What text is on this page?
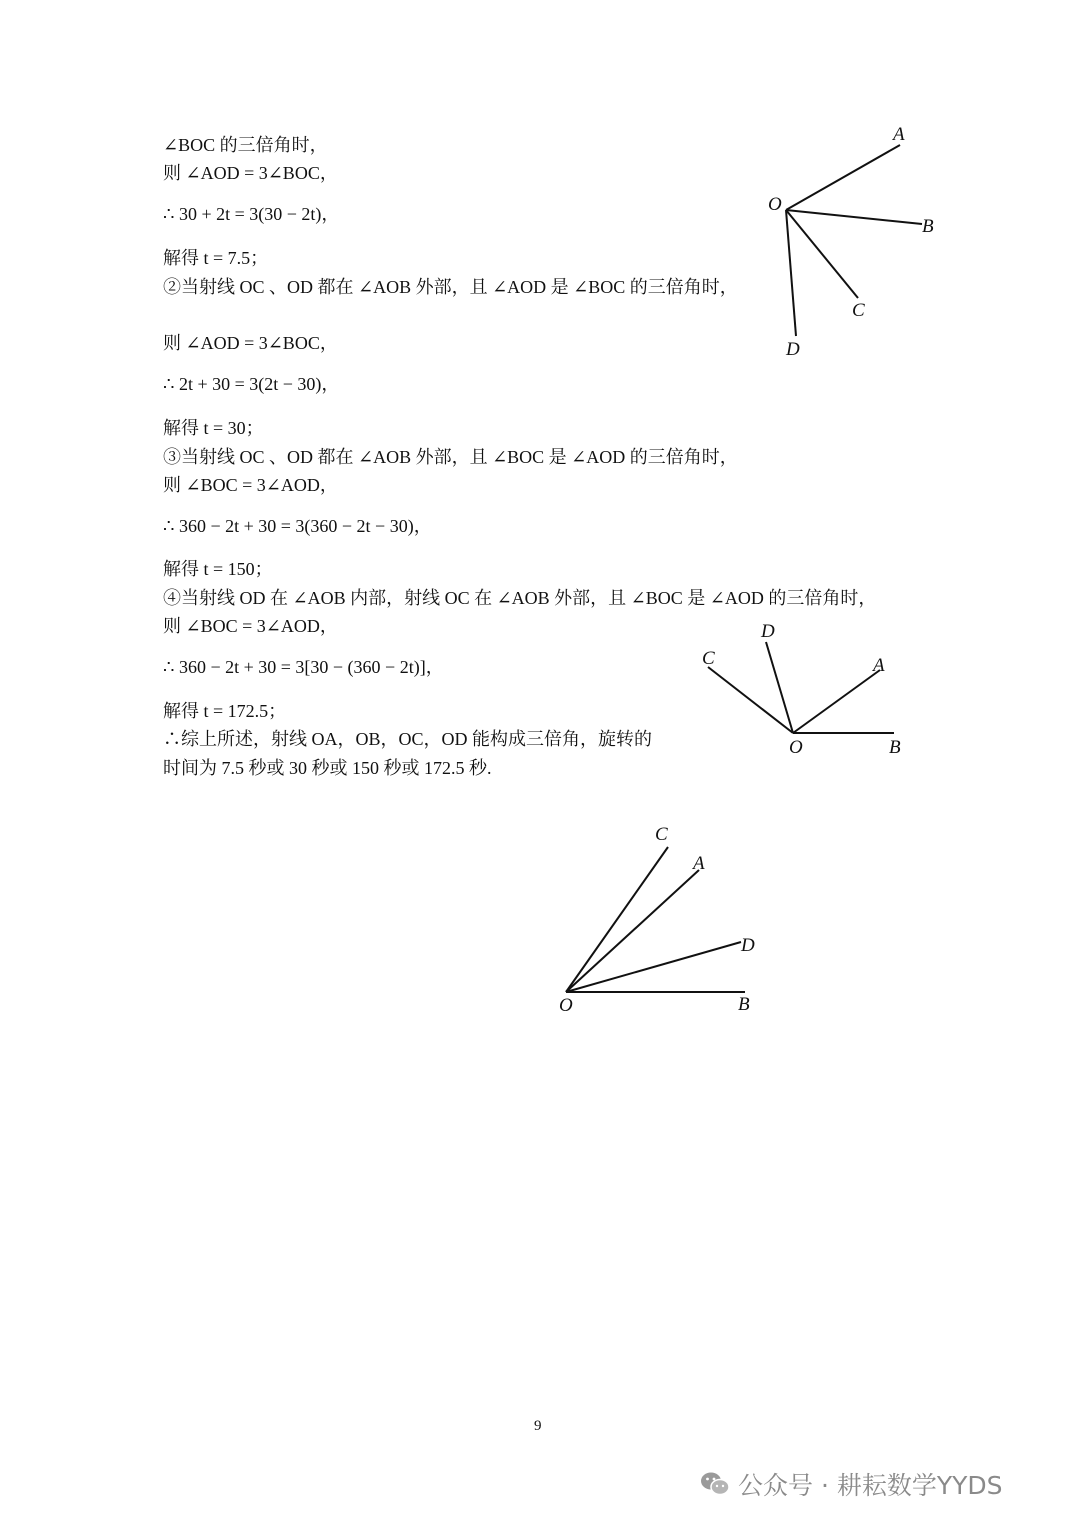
∠BOC 的三倍角时，
则 ∠AOD = 3∠BOC，
∴ 30 + 2t = 3(30 − 2t)，
解得 t = 7.5；
②当射线 OC 、OD 都在 ∠AOB 外部，且 ∠AOD 是 ∠BOC 的三倍角时，
则 ∠AOD = 3∠BOC，
∴ 2t + 30 = 3(2t − 30)，
解得 t = 30；
③当射线 OC 、OD 都在 ∠AOB 外部，且 ∠BOC 是 ∠AOD 的三倍角时，
则 ∠BOC = 3∠AOD，
∴ 360 − 2t + 30 = 3(360 − 2t − 30)，
解得 t = 150；
④当射线 OD 在 ∠AOB 内部，射线 OC 在 ∠AOB 外部，且 ∠BOC 是 ∠AOD 的三倍角时，
则 ∠BOC = 3∠AOD，
∴ 360 − 2t + 30 = 3[30 − (360 − 2t)]，
解得 t = 172.5；
∴综上所述，射线 OA，OB，OC，OD 能构成三倍角，旋转的
时间为 7.5 秒或 30 秒或 150 秒或 172.5 秒.
O
A
B
C
D
O
A
B
C
D
O
A
B
C
D
9
公众号 · 耕耘数学YYDS
